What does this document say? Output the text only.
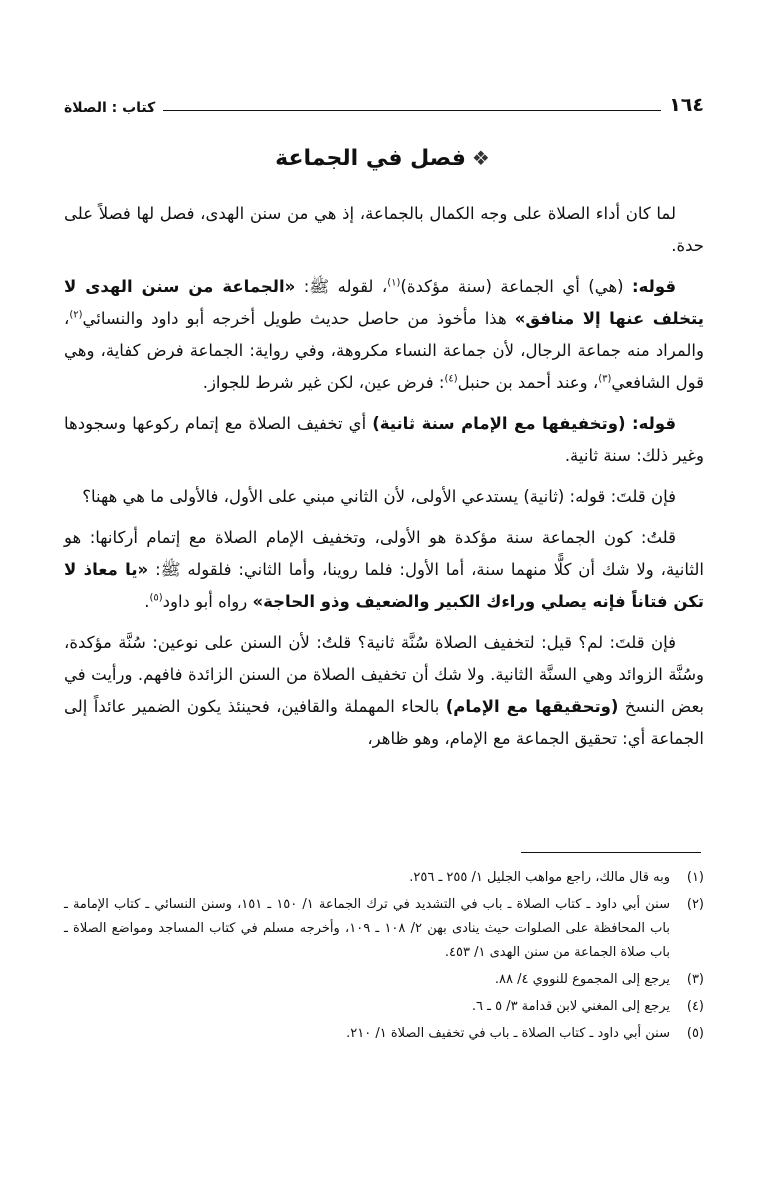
١٦٤
كتاب : الصلاة
❖فصل في الجماعة

لما كان أداء الصلاة على وجه الكمال بالجماعة، إذ هي من سنن الهدى، فصل لها فصلاً على حدة.

قوله: (هي) أي الجماعة (سنة مؤكدة)$^{(١)}$، لقوله ﷺ: «الجماعة من سنن الهدى لا يتخلف عنها إلا منافق» هذا مأخوذ من حاصل حديث طويل أخرجه أبو داود والنسائي$^{(٢)}$، والمراد منه جماعة الرجال، لأن جماعة النساء مكروهة، وفي رواية: الجماعة فرض كفاية، وهي قول الشافعي$^{(٣)}$، وعند أحمد بن حنبل$^{(٤)}$: فرض عين، لكن غير شرط للجواز.

قوله: (وتخفيفها مع الإمام سنة ثانية) أي تخفيف الصلاة مع إتمام ركوعها وسجودها وغير ذلك: سنة ثانية.

فإن قلتَ: قوله: (ثانية) يستدعي الأولى، لأن الثاني مبني على الأول، فالأولى ما هي ههنا؟

قلتُ: كون الجماعة سنة مؤكدة هو الأولى، وتخفيف الإمام الصلاة مع إتمام أركانها: هو الثانية، ولا شك أن كلًّا منهما سنة، أما الأول: فلما روينا، وأما الثاني: فلقوله ﷺ: «يا معاذ لا تكن فتاناً فإنه يصلي وراءك الكبير والضعيف وذو الحاجة» رواه أبو داود$^{(٥)}$.

فإن قلتَ: لم؟ قيل: لتخفيف الصلاة سُنَّة ثانية؟ قلتُ: لأن السنن على نوعين: سُنَّة مؤكدة، وسُنَّة الزوائد وهي السنَّة الثانية. ولا شك أن تخفيف الصلاة من السنن الزائدة فافهم. ورأيت في بعض النسخ (وتحقيقها مع الإمام) بالحاء المهملة والقافين، فحينئذ يكون الضمير عائداً إلى الجماعة أي: تحقيق الجماعة مع الإمام، وهو ظاهر،

(١)
وبه قال مالك، راجع مواهب الجليل ١/ ٢٥٥ ـ ٢٥٦.
(٢)
سنن أبي داود ـ كتاب الصلاة ـ باب في التشديد في ترك الجماعة ١/ ١٥٠ ـ ١٥١، وسنن النسائي ـ كتاب الإمامة ـ باب المحافظة على الصلوات حيث ينادى بهن ٢/ ١٠٨ ـ ١٠٩، وأخرجه مسلم في كتاب المساجد ومواضع الصلاة ـ باب صلاة الجماعة من سنن الهدى ١/ ٤٥٣.
(٣)
يرجع إلى المجموع للنووي ٤/ ٨٨.
(٤)
يرجع إلى المغني لابن قدامة ٣/ ٥ ـ ٦.
(٥)
سنن أبي داود ـ كتاب الصلاة ـ باب في تخفيف الصلاة ١/ ٢١٠.
